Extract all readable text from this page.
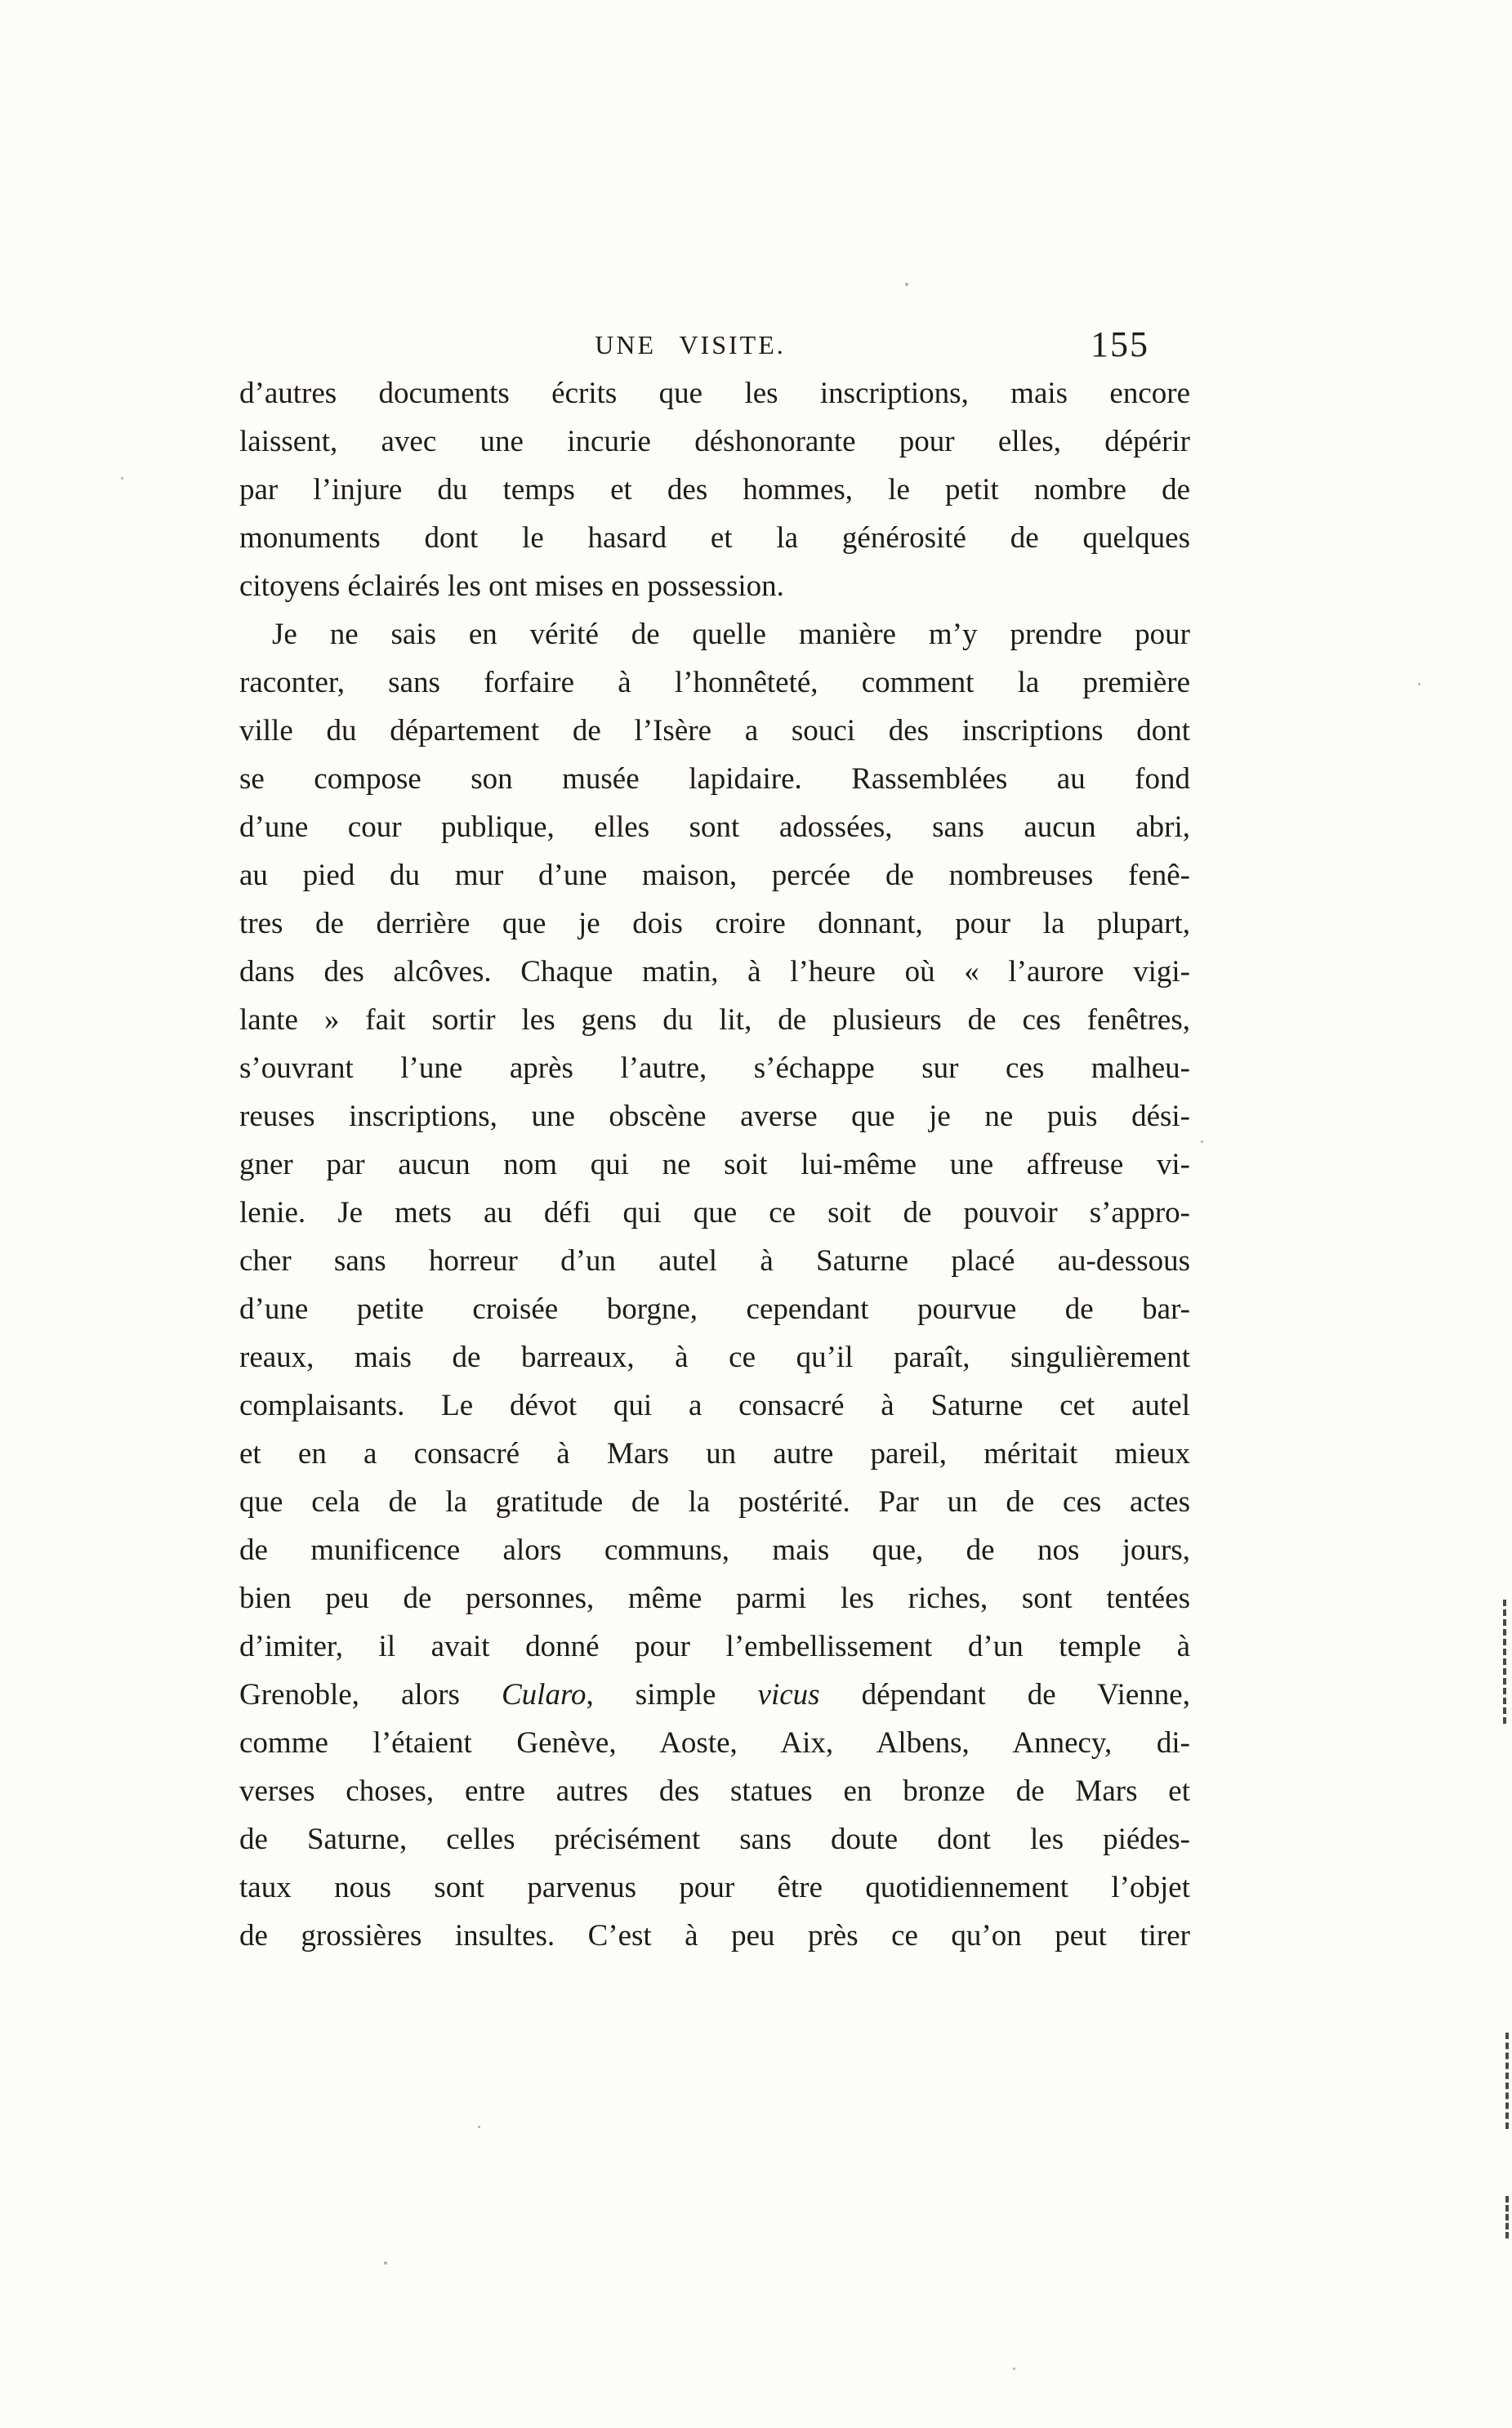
UNE VISITE.	155
d’autres documents écrits que les inscriptions, mais encore
laissent, avec une incurie déshonorante pour elles, dépérir
par l’injure du temps et des hommes, le petit nombre de
monuments dont le hasard et la générosité de quelques
citoyens éclairés les ont mises en possession.
Je ne sais en vérité de quelle manière m’y prendre pour
raconter, sans forfaire à l’honnêteté, comment la première
ville du département de l’Isère a souci des inscriptions dont
se compose son musée lapidaire. Rassemblées au fond
d’une cour publique, elles sont adossées, sans aucun abri,
au pied du mur d’une maison, percée de nombreuses fenê-
tres de derrière que je dois croire donnant, pour la plupart,
dans des alcôves. Chaque matin, à l’heure où « l’aurore vigi-
lante » fait sortir les gens du lit, de plusieurs de ces fenêtres,
s’ouvrant l’une après l’autre, s’échappe sur ces malheu-
reuses inscriptions, une obscène averse que je ne puis dési-
gner par aucun nom qui ne soit lui-même une affreuse vi-
lenie. Je mets au défi qui que ce soit de pouvoir s’appro-
cher sans horreur d’un autel à Saturne placé au-dessous
d’une petite croisée borgne, cependant pourvue de bar-
reaux, mais de barreaux, à ce qu’il paraît, singulièrement
complaisants. Le dévot qui a consacré à Saturne cet autel
et en a consacré à Mars un autre pareil, méritait mieux
que cela de la gratitude de la postérité. Par un de ces actes
de munificence alors communs, mais que, de nos jours,
bien peu de personnes, même parmi les riches, sont tentées
d’imiter, il avait donné pour l’embellissement d’un temple à
Grenoble, alors Cularo, simple vicus dépendant de Vienne,
comme l’étaient Genève, Aoste, Aix, Albens, Annecy, di-
verses choses, entre autres des statues en bronze de Mars et
de Saturne, celles précisément sans doute dont les piédes-
taux nous sont parvenus pour être quotidiennement l’objet
de grossières insultes. C’est à peu près ce qu’on peut tirer
